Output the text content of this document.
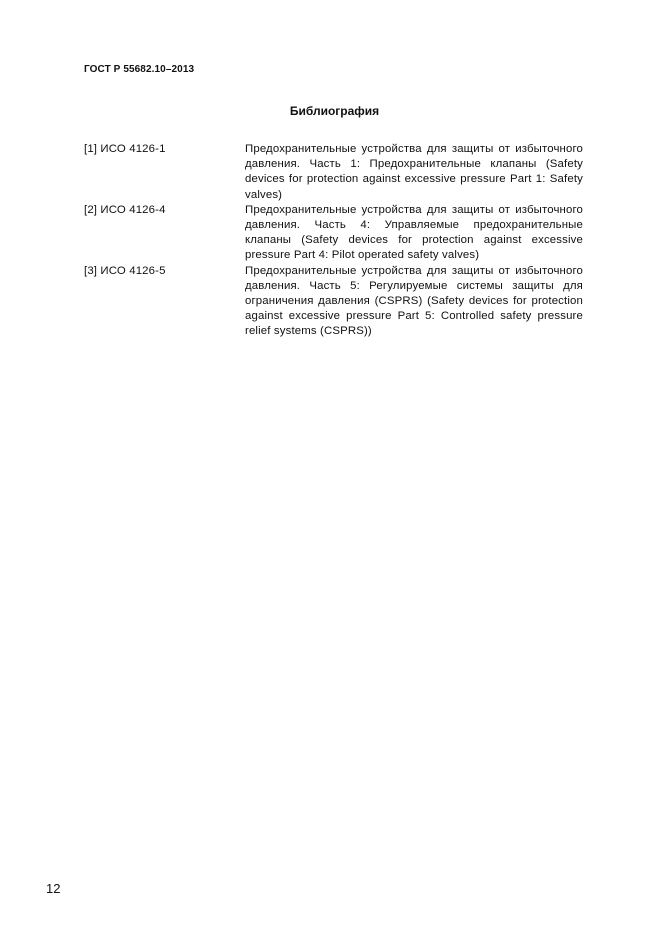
ГОСТ Р 55682.10–2013
Библиография
[1] ИСО 4126-1	Предохранительные устройства для защиты от избыточного давления. Часть 1: Предохранительные клапаны (Safety devices for protection against excessive pressure Part 1: Safety valves)
[2] ИСО 4126-4	Предохранительные устройства для защиты от избыточного давления. Часть 4: Управляемые предохранительные клапаны (Safety devices for protection against excessive pressure Part 4: Pilot operated safety valves)
[3] ИСО 4126-5	Предохранительные устройства для защиты от избыточного давления. Часть 5: Регулируемые системы защиты для ограничения давления (CSPRS) (Safety devices for protection against excessive pressure Part 5: Controlled safety pressure relief systems (CSPRS))
12
